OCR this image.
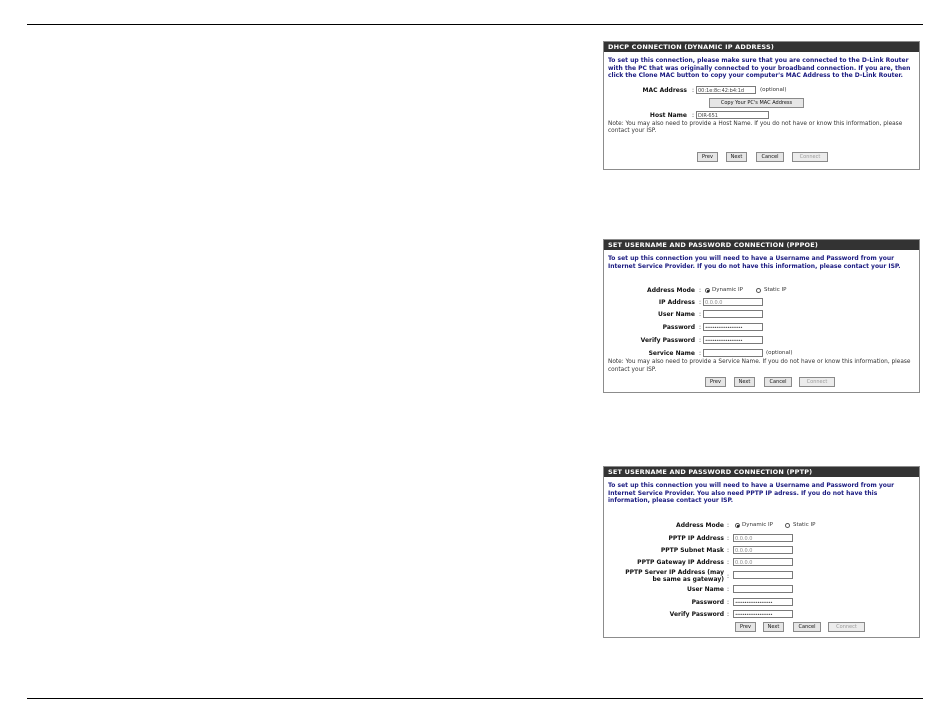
DHCP CONNECTION (DYNAMIC IP ADDRESS)
To set up this connection, please make sure that you are connected to the D-Link Router with the PC that was originally connected to your broadband connection. If you are, then click the Clone MAC button to copy your computer's MAC Address to the D-Link Router.
MAC Address : 00:1e:8c:42:b4:1d	(optional)
Copy Your PC's MAC Address
Host Name : DIR-651
Note: You may also need to provide a Host Name. If you do not have or know this information, please contact your ISP.
Prev	Next	Cancel	Connect
SET USERNAME AND PASSWORD CONNECTION (PPPOE)
To set up this connection you will need to have a Username and Password from your Internet Service Provider. If you do not have this information, please contact your ISP.
Address Mode : Dynamic IP	Static IP
IP Address : 0.0.0.0
User Name :
Password : ••••••••••••••••••••
Verify Password : ••••••••••••••••••••
Service Name :	(optional)
Note: You may also need to provide a Service Name. If you do not have or know this information, please contact your ISP.
Prev	Next	Cancel	Connect
SET USERNAME AND PASSWORD CONNECTION (PPTP)
To set up this connection you will need to have a Username and Password from your Internet Service Provider. You also need PPTP IP adress. If you do not have this information, please contact your ISP.
Address Mode : Dynamic IP	Static IP
PPTP IP Address :	0.0.0.0
PPTP Subnet Mask :	0.0.0.0
PPTP Gateway IP Address :	0.0.0.0
PPTP Server IP Address (may
be same as gateway) :
User Name :
Password :	••••••••••••••••••••
Verify Password :	••••••••••••••••••••
Prev	Next	Cancel	Connect
